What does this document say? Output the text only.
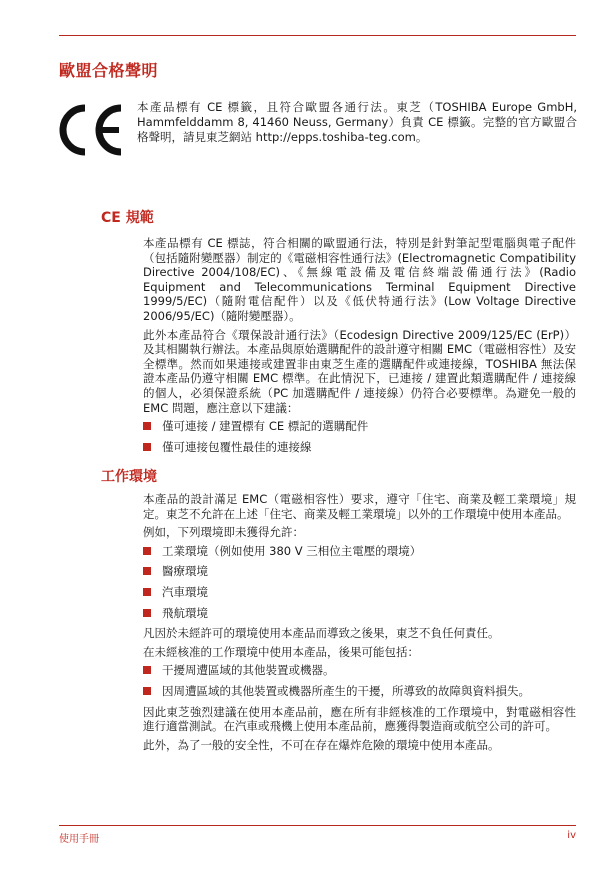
歐盟合格聲明
本產品標有 CE 標籤，且符合歐盟各通行法。東芝（TOSHIBA Europe GmbH, Hammfelddamm 8, 41460 Neuss, Germany）負責 CE 標籤。完整的官方歐盟合格聲明，請見東芝網站 http://epps.toshiba-teg.com。
CE 規範

本產品標有 CE 標誌，符合相關的歐盟通行法，特別是針對筆記型電腦與電子配件（包括隨附變壓器）制定的《電磁相容性通行法》(Electromagnetic Compatibility Directive 2004/108/EC)、《無線電設備及電信終端設備通行法》(Radio Equipment and Telecommunications Terminal Equipment Directive 1999/5/EC)（隨附電信配件）以及《低伏特通行法》(Low Voltage Directive 2006/95/EC)（隨附變壓器）。

此外本產品符合《環保設計通行法》（Ecodesign Directive 2009/125/EC (ErP)）及其相關執行辦法。本產品與原始選購配件的設計遵守相關 EMC（電磁相容性）及安全標準。然而如果連接或建置非由東芝生產的選購配件或連接線，TOSHIBA 無法保證本產品仍遵守相關 EMC 標準。在此情況下，已連接 / 建置此類選購配件 / 連接線的個人，必須保證系統（PC 加選購配件 / 連接線）仍符合必要標準。為避免一般的 EMC 問題，應注意以下建議：

僅可連接 / 建置標有 CE 標記的選購配件
僅可連接包覆性最佳的連接線
工作環境

本產品的設計滿足 EMC（電磁相容性）要求，遵守「住宅、商業及輕工業環境」規定。東芝不允許在上述「住宅、商業及輕工業環境」以外的工作環境中使用本產品。

例如，下列環境即未獲得允許：

工業環境（例如使用 380 V 三相位主電壓的環境）
醫療環境
汽車環境
飛航環境

凡因於未經許可的環境使用本產品而導致之後果，東芝不負任何責任。

在未經核准的工作環境中使用本產品，後果可能包括：

干擾周遭區域的其他裝置或機器。
因周遭區域的其他裝置或機器所產生的干擾，所導致的故障與資料損失。

因此東芝強烈建議在使用本產品前，應在所有非經核准的工作環境中，對電磁相容性進行適當測試。在汽車或飛機上使用本產品前，應獲得製造商或航空公司的許可。

此外，為了一般的安全性，不可在存在爆炸危險的環境中使用本產品。

使用手冊	iv
